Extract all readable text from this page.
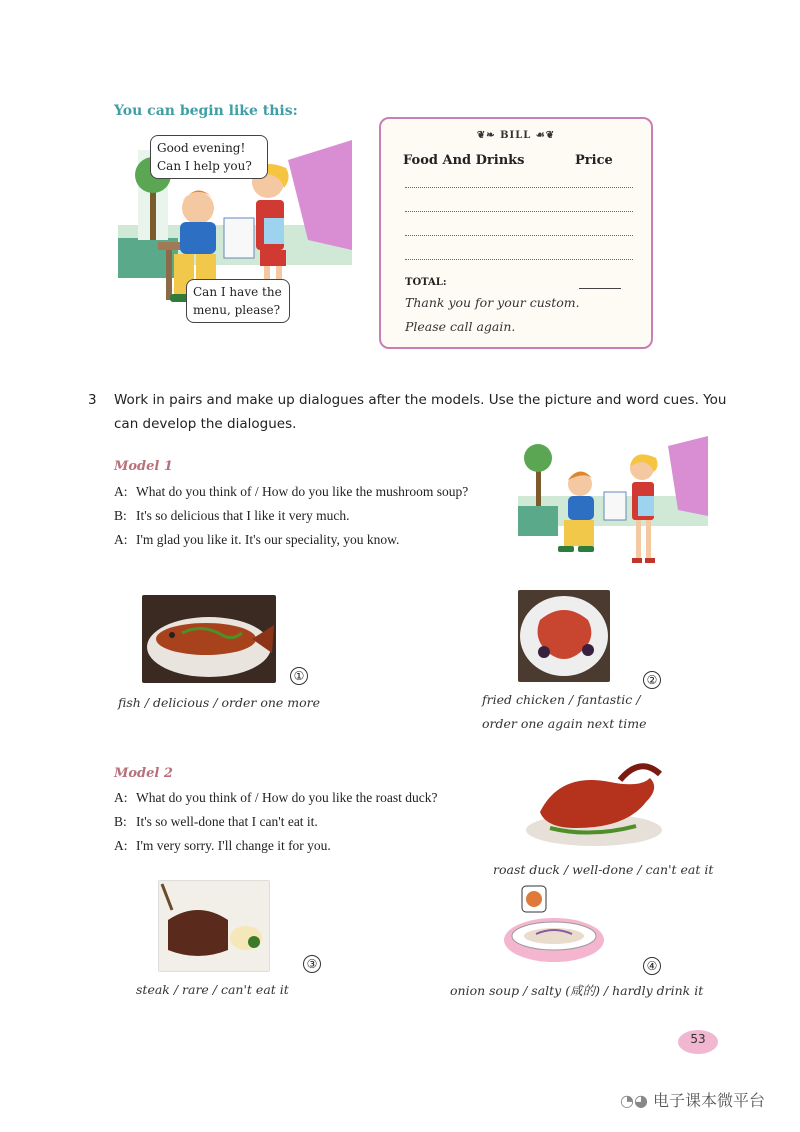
You can begin like this:
Good evening! Can I help you?
Can I have the menu, please?
❦❧ BILL ☙❦
Food And Drinks	Price
TOTAL:
Thank you for your custom.
Please call again.
3 Work in pairs and make up dialogues after the models. Use the picture and word cues. You can develop the dialogues.
Model 1
A: What do you think of / How do you like the mushroom soup?
B: It's so delicious that I like it very much.
A: I'm glad you like it. It's our speciality, you know.
①
fish / delicious / order one more
②
fried chicken / fantastic /
order one again next time
Model 2
A: What do you think of / How do you like the roast duck?
B: It's so well-done that I can't eat it.
A: I'm very sorry. I'll change it for you.
roast duck / well-done / can't eat it
③
steak / rare / can't eat it
④
onion soup / salty (咸的) / hardly drink it
53
◔◕ 电子课本微平台
